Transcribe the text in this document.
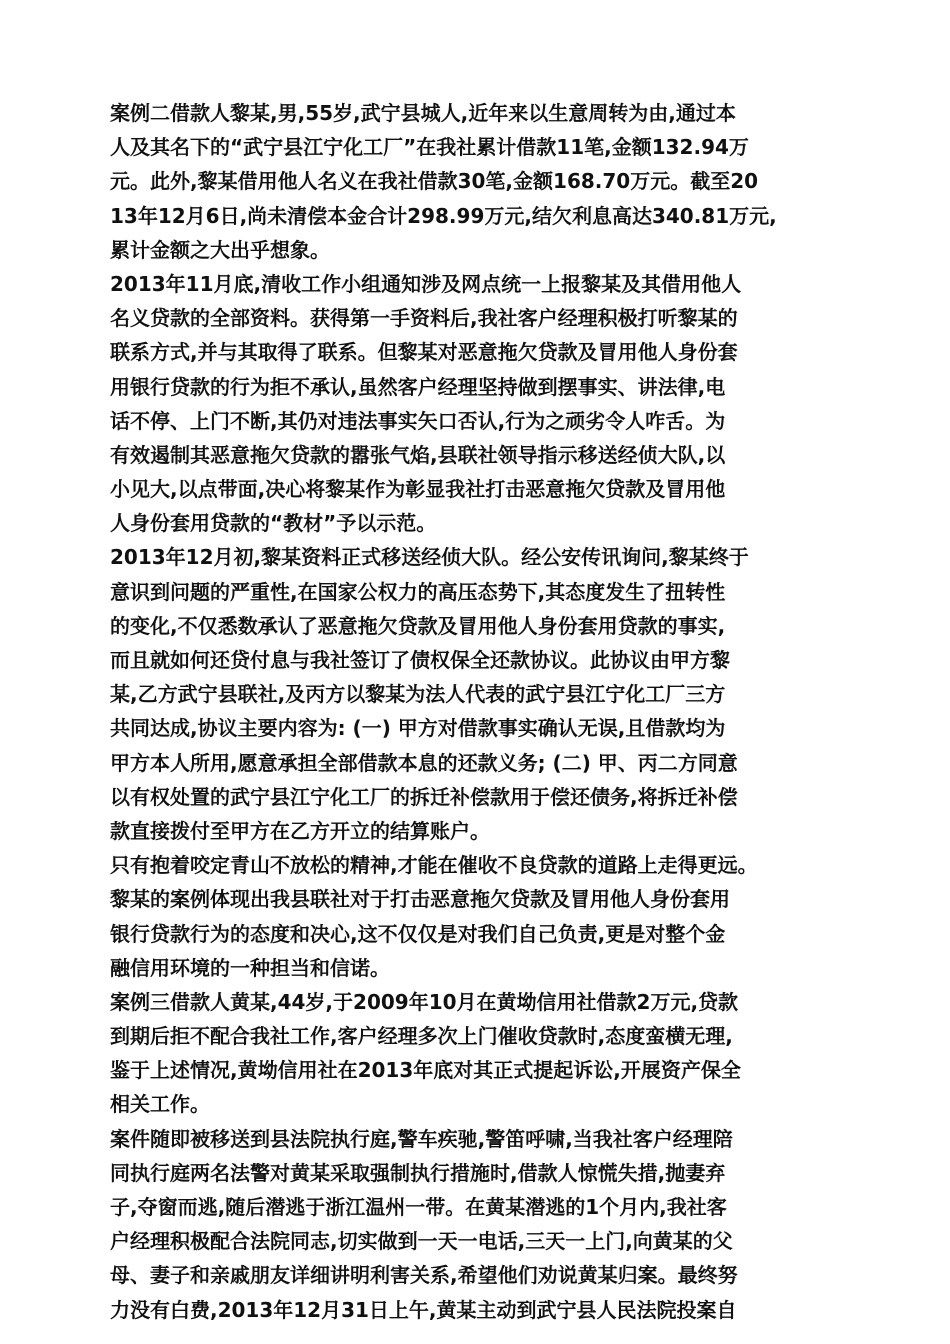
案例二借款人黎某,男,55岁,武宁县城人,近年来以生意周转为由,通过本
人及其名下的“武宁县江宁化工厂”在我社累计借款11笔,金额132.94万
元。此外,黎某借用他人名义在我社借款30笔,金额168.70万元。截至20
13年12月6日,尚未清偿本金合计298.99万元,结欠利息高达340.81万元,
累计金额之大出乎想象。
2013年11月底,清收工作小组通知涉及网点统一上报黎某及其借用他人
名义贷款的全部资料。获得第一手资料后,我社客户经理积极打听黎某的
联系方式,并与其取得了联系。但黎某对恶意拖欠贷款及冒用他人身份套
用银行贷款的行为拒不承认,虽然客户经理坚持做到摆事实、讲法律,电
话不停、上门不断,其仍对违法事实矢口否认,行为之顽劣令人咋舌。为
有效遏制其恶意拖欠贷款的嚣张气焰,县联社领导指示移送经侦大队,以
小见大,以点带面,决心将黎某作为彰显我社打击恶意拖欠贷款及冒用他
人身份套用贷款的“教材”予以示范。
2013年12月初,黎某资料正式移送经侦大队。经公安传讯询问,黎某终于
意识到问题的严重性,在国家公权力的高压态势下,其态度发生了扭转性
的变化,不仅悉数承认了恶意拖欠贷款及冒用他人身份套用贷款的事实,
而且就如何还贷付息与我社签订了债权保全还款协议。此协议由甲方黎
某,乙方武宁县联社,及丙方以黎某为法人代表的武宁县江宁化工厂三方
共同达成,协议主要内容为: (一) 甲方对借款事实确认无误,且借款均为
甲方本人所用,愿意承担全部借款本息的还款义务; (二) 甲、丙二方同意
以有权处置的武宁县江宁化工厂的拆迁补偿款用于偿还债务,将拆迁补偿
款直接拨付至甲方在乙方开立的结算账户。
只有抱着咬定青山不放松的精神,才能在催收不良贷款的道路上走得更远。
黎某的案例体现出我县联社对于打击恶意拖欠贷款及冒用他人身份套用
银行贷款行为的态度和决心,这不仅仅是对我们自己负责,更是对整个金
融信用环境的一种担当和信诺。
案例三借款人黄某,44岁,于2009年10月在黄坳信用社借款2万元,贷款
到期后拒不配合我社工作,客户经理多次上门催收贷款时,态度蛮横无理,
鉴于上述情况,黄坳信用社在2013年底对其正式提起诉讼,开展资产保全
相关工作。
案件随即被移送到县法院执行庭,警车疾驰,警笛呼啸,当我社客户经理陪
同执行庭两名法警对黄某采取强制执行措施时,借款人惊慌失措,抛妻弃
子,夺窗而逃,随后潜逃于浙江温州一带。在黄某潜逃的1个月内,我社客
户经理积极配合法院同志,切实做到一天一电话,三天一上门,向黄某的父
母、妻子和亲戚朋友详细讲明利害关系,希望他们劝说黄某归案。最终努
力没有白费,2013年12月31日上午,黄某主动到武宁县人民法院投案自
